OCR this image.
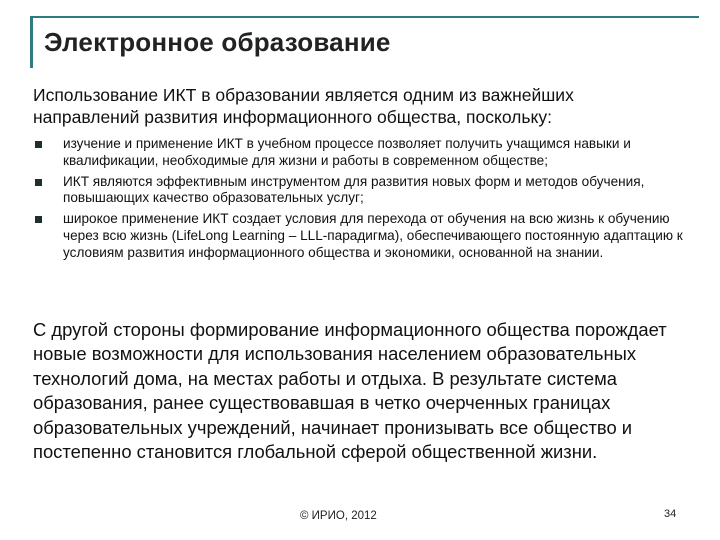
Электронное образование
Использование ИКТ в образовании является одним из важнейших направлений развития информационного общества, поскольку:
изучение и применение ИКТ в учебном процессе позволяет получить учащимся навыки и квалификации, необходимые для жизни и работы в современном обществе;
ИКТ являются эффективным инструментом для развития новых форм и методов обучения, повышающих качество образовательных услуг;
широкое применение ИКТ создает условия для перехода от обучения на всю жизнь к обучению через всю жизнь (LifeLong Learning – LLL-парадигма), обеспечивающего постоянную адаптацию к условиям развития информационного общества и экономики, основанной на знании.
С другой стороны формирование информационного общества порождает новые возможности для использования населением образовательных технологий дома, на местах работы и отдыха. В результате система образования, ранее существовавшая в четко очерченных границах образовательных учреждений, начинает пронизывать все общество и постепенно становится глобальной сферой общественной жизни.
© ИРИО, 2012	34
